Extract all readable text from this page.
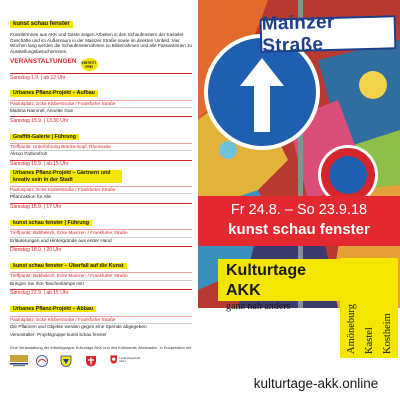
kunst schau fenster

KünstlerInnen aus AKK und Gäste zeigen Arbeiten in den Schaufenstern der Kasteler Geschäfte und im Außenraum in der Mainzer Straße sowie im direkten Umfeld. Vier Wochen lang werden die Schaufensterrahmen zu Bilderrahmen und alle PassantInnen zu Ausstellungsbesucherinnen.

VERANSTALTUNGEN	EINTRITT FREI
Samstag 1.9. | ab 12 Uhr
Urbanes Pflanz-Projekt – Aufbau
Paulusplatz, Ecke Kloberstraße / Frankfurter Straße
Martina Hammel, Annette Gue
Samstag 15.9. | 13.30 Uhr
Graffiti-Galerie | Führung
Treffpunkt: Unterführung Brückenkopf, Rheinseite
Akson Farbenfroh
Samstag 15.9. | ab 15 Uhr
Urbanes Pflanz-Projekt – Gärtnern und kreativ sein in der Stadt
Paulusplatz, Ecke Kloberstraße / Frankfurter Straße
Pflanzaktion für Alle
Samstag 15.9. | 17 Uhr
kunst schau fenster | Führung
Treffpunkt: Babbeleck, Ecke Mainzer- / Frankfurter Straße
Erläuterungen und Hintergründe aus erster Hand
Dienstag 18.9. | 20 Uhr
kunst schau fenster – Überfall auf die Kunst
Treffpunkt: Babbeleck, Ecke Mainzer- / Frankfurter Straße
Bringen Sie Ihre Taschenlampe mit!
Samstag 22.9. | ab 15 Uhr
Urbanes Pflanz-Projekt – Abbau
Paulusplatz, Ecke Kloberstraße / Frankfurter Straße
Die Pflanzen und Objekte werden gegen eine Spende abgegeben

Veranstalter: Projektgruppe kunst schau fenster

Eine Veranstaltung der Initiativgruppe Kulturtage AKK und des Kulturamts Wiesbaden. In Kooperation mit

Landeshauptstadt Mainz
Mainzer Straße
Fr 24.8. – So 23.9.18
kunst schau fenster
Kulturtage AKK
ganz nah anders	Amöneburg Kastel Kostheim
kulturtage-akk.online
